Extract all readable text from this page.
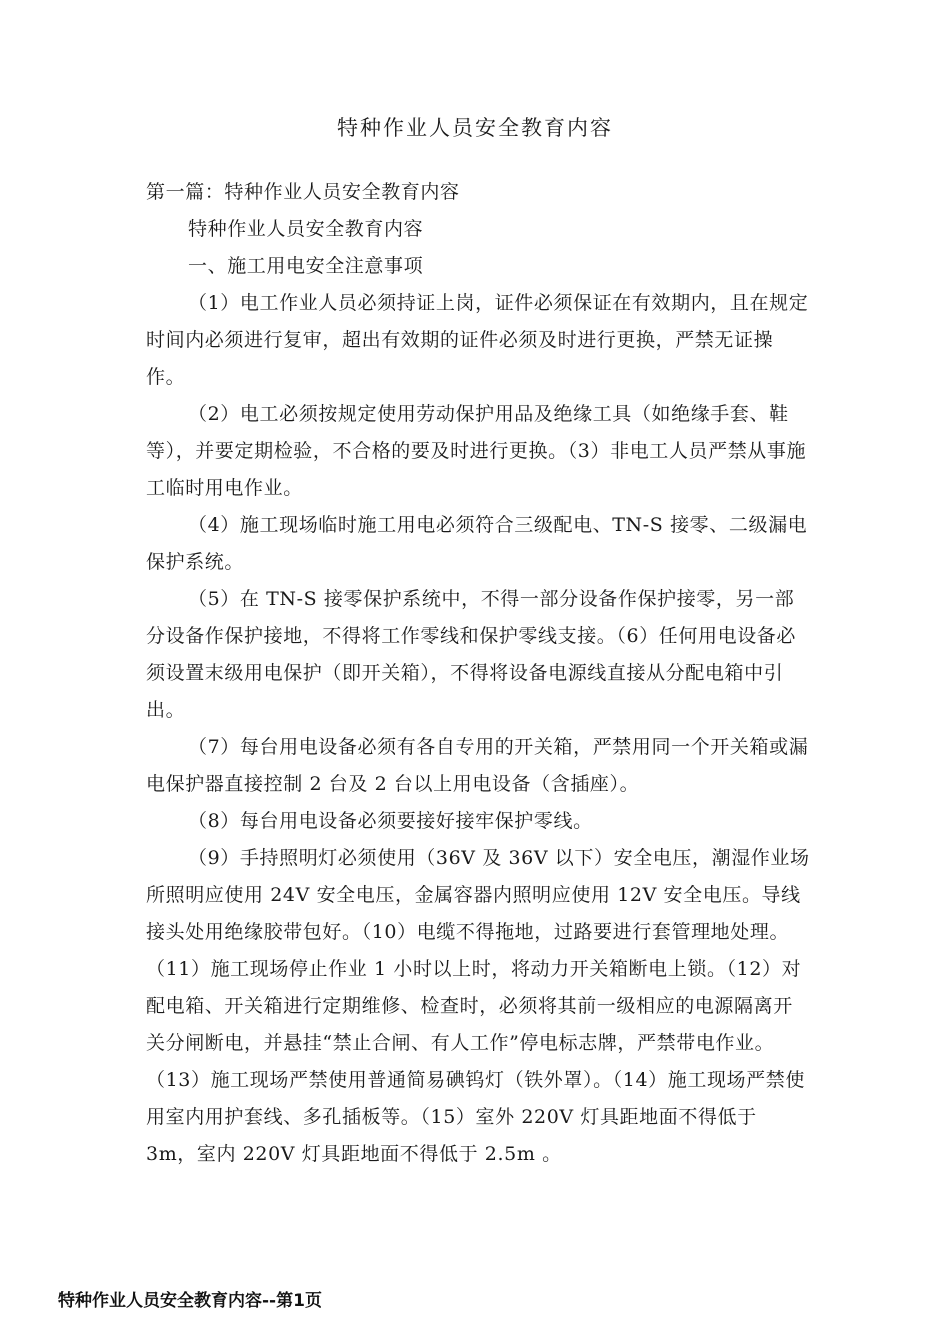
特种作业人员安全教育内容

第一篇：特种作业人员安全教育内容

特种作业人员安全教育内容

一、施工用电安全注意事项

（1）电工作业人员必须持证上岗，证件必须保证在有效期内，且在规定时间内必须进行复审，超出有效期的证件必须及时进行更换，严禁无证操作。

（2）电工必须按规定使用劳动保护用品及绝缘工具（如绝缘手套、鞋等），并要定期检验，不合格的要及时进行更换。（3）非电工人员严禁从事施工临时用电作业。

（4）施工现场临时施工用电必须符合三级配电、TN-S 接零、二级漏电保护系统。

（5）在 TN-S 接零保护系统中，不得一部分设备作保护接零，另一部分设备作保护接地，不得将工作零线和保护零线支接。（6）任何用电设备必须设置末级用电保护（即开关箱），不得将设备电源线直接从分配电箱中引出。

（7）每台用电设备必须有各自专用的开关箱，严禁用同一个开关箱或漏电保护器直接控制 2 台及 2 台以上用电设备（含插座）。

（8）每台用电设备必须要接好接牢保护零线。

（9）手持照明灯必须使用（36V 及 36V 以下）安全电压，潮湿作业场所照明应使用 24V 安全电压，金属容器内照明应使用 12V 安全电压。导线接头处用绝缘胶带包好。（10）电缆不得拖地，过路要进行套管理地处理。（11）施工现场停止作业 1 小时以上时，将动力开关箱断电上锁。（12）对配电箱、开关箱进行定期维修、检查时，必须将其前一级相应的电源隔离开关分闸断电，并悬挂“禁止合闸、有人工作”停电标志牌，严禁带电作业。（13）施工现场严禁使用普通简易碘钨灯（铁外罩）。（14）施工现场严禁使用室内用护套线、多孔插板等。（15）室外 220V 灯具距地面不得低于 3m，室内 220V 灯具距地面不得低于 2.5m 。

特种作业人员安全教育内容--第1页
